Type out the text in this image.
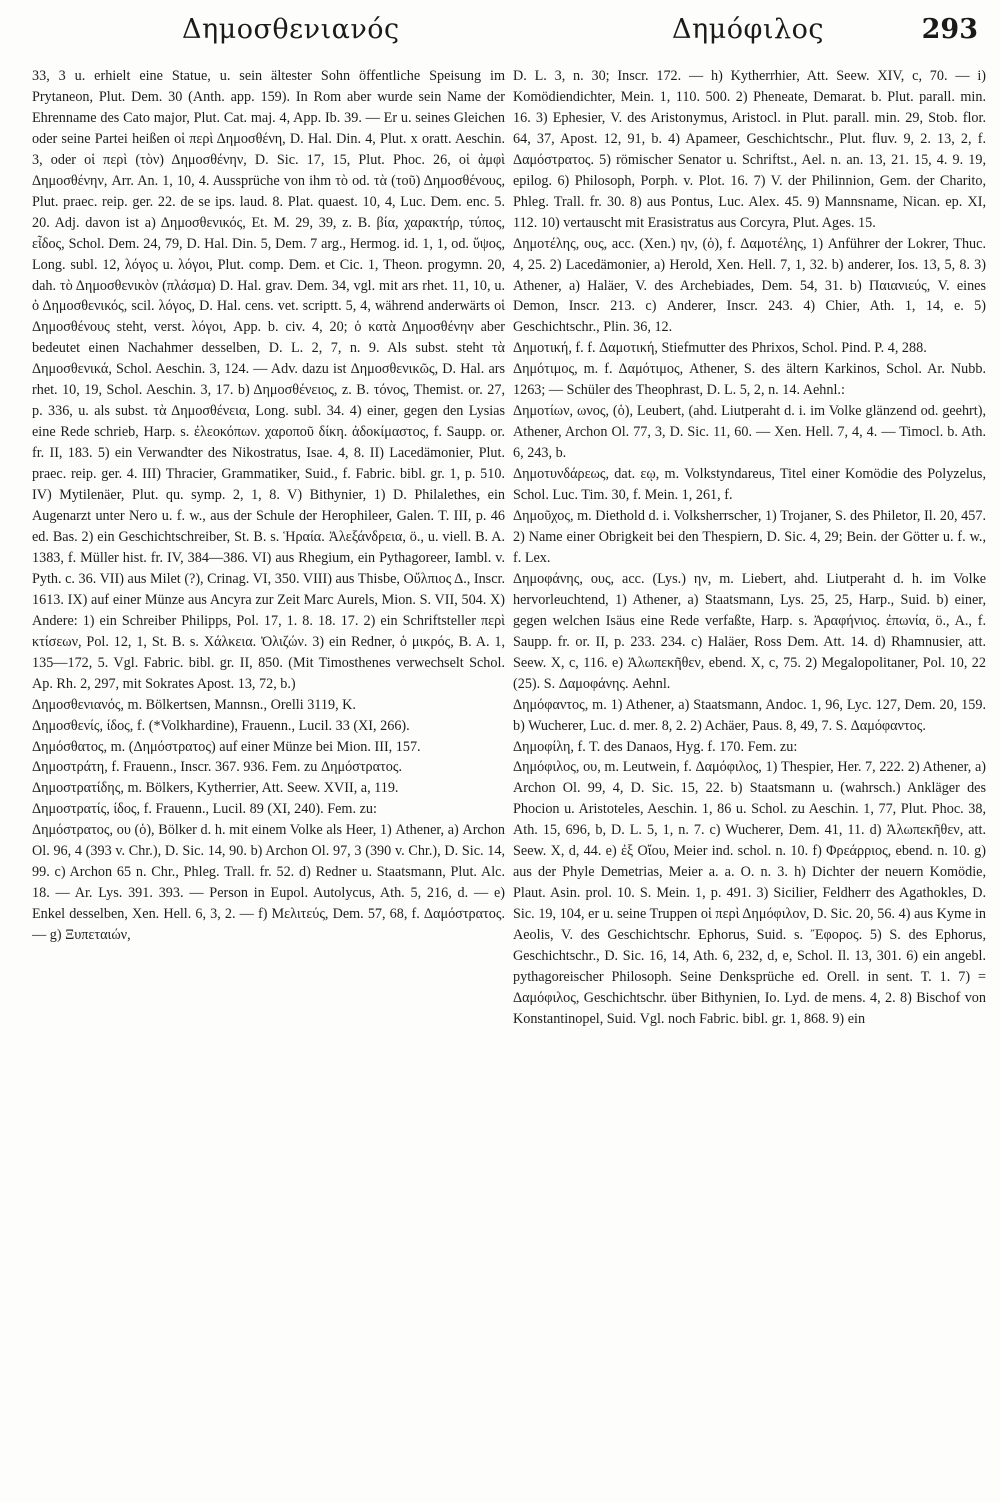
Δημοσθενιανός	Δημόφιλος	293

33, 3 u. erhielt eine Statue, u. sein ältester Sohn öffentliche Speisung im Prytaneon, Plut. Dem. 30 (Anth. app. 159). In Rom aber wurde sein Name der Ehrenname des Cato major, Plut. Cat. maj. 4, App. Ib. 39. — Er u. seines Gleichen oder seine Partei heißen οἱ περὶ Δημοσθένη, D. Hal. Din. 4, Plut. x oratt. Aeschin. 3, oder οἱ περὶ (τὸν) Δημοσθένην, D. Sic. 17, 15, Plut. Phoc. 26, οἱ ἀμφὶ Δημοσθένην, Arr. An. 1, 10, 4. Aussprüche von ihm τὸ od. τὰ (τοῦ) Δημοσθένους, Plut. praec. reip. ger. 22. de se ips. laud. 8. Plat. quaest. 10, 4, Luc. Dem. enc. 5. 20. Adj. davon ist a) Δημοσθενικός, Et. M. 29, 39, z. B. βία, χαρακτήρ, τύπος, εἶδος, Schol. Dem. 24, 79, D. Hal. Din. 5, Dem. 7 arg., Hermog. id. 1, 1, od. ὕψος, Long. subl. 12, λόγος u. λόγοι, Plut. comp. Dem. et Cic. 1, Theon. progymn. 20, dah. τὸ Δημοσθενικὸν (πλάσμα) D. Hal. grav. Dem. 34, vgl. mit ars rhet. 11, 10, u. ὁ Δημοσθενικός, scil. λόγος, D. Hal. cens. vet. scriptt. 5, 4, während anderwärts οἱ Δημοσθένους steht, verst. λόγοι, App. b. civ. 4, 20; ὁ κατὰ Δημοσθένην aber bedeutet einen Nachahmer desselben, D. L. 2, 7, n. 9. Als subst. steht τὰ Δημοσθενικά, Schol. Aeschin. 3, 124. — Adv. dazu ist Δημοσθενικῶς, D. Hal. ars rhet. 10, 19, Schol. Aeschin. 3, 17. b) Δημοσθένειος, z. B. τόνος, Themist. or. 27, p. 336, u. als subst. τὰ Δημοσθένεια, Long. subl. 34. 4) einer, gegen den Lysias eine Rede schrieb, Harp. s. ἐλεοκόπων. χαροποῦ δίκη. ἀδοκίμαστος, f. Saupp. or. fr. II, 183. 5) ein Verwandter des Nikostratus, Isae. 4, 8. II) Lacedämonier, Plut. praec. reip. ger. 4. III) Thracier, Grammatiker, Suid., f. Fabric. bibl. gr. 1, p. 510. IV) Mytilenäer, Plut. qu. symp. 2, 1, 8. V) Bithynier, 1) D. Philalethes, ein Augenarzt unter Nero u. f. w., aus der Schule der Herophileer, Galen. T. III, p. 46 ed. Bas. 2) ein Geschichtschreiber, St. B. s. Ἡραία. Ἀλεξάνδρεια, ö., u. viell. B. A. 1383, f. Müller hist. fr. IV, 384—386. VI) aus Rhegium, ein Pythagoreer, Iambl. v. Pyth. c. 36. VII) aus Milet (?), Crinag. VI, 350. VIII) aus Thisbe, Οὔλπιος Δ., Inscr. 1613. IX) auf einer Münze aus Ancyra zur Zeit Marc Aurels, Mion. S. VII, 504. X) Andere: 1) ein Schreiber Philipps, Pol. 17, 1. 8. 18. 17. 2) ein Schriftsteller περὶ κτίσεων, Pol. 12, 1, St. B. s. Χάλκεια. Ὀλιζών. 3) ein Redner, ὁ μικρός, B. A. 1, 135—172, 5. Vgl. Fabric. bibl. gr. II, 850. (Mit Timosthenes verwechselt Schol. Ap. Rh. 2, 297, mit Sokrates Apost. 13, 72, b.)

Δημοσθενιανός, m. Bölkertsen, Mannsn., Orelli 3119, K.

Δημοσθενίς, ίδος, f. (*Volkhardine), Frauenn., Lucil. 33 (XI, 266).

Δημόσθατος, m. (Δημόστρατος) auf einer Münze bei Mion. III, 157.

Δημοστράτη, f. Frauenn., Inscr. 367. 936. Fem. zu Δημόστρατος.

Δημοστρατίδης, m. Bölkers, Kytherrier, Att. Seew. XVII, a, 119.

Δημοστρατίς, ίδος, f. Frauenn., Lucil. 89 (XI, 240). Fem. zu:

Δημόστρατος, ου (ὁ), Bölker d. h. mit einem Volke als Heer, 1) Athener, a) Archon Ol. 96, 4 (393 v. Chr.), D. Sic. 14, 90. b) Archon Ol. 97, 3 (390 v. Chr.), D. Sic. 14, 99. c) Archon 65 n. Chr., Phleg. Trall. fr. 52. d) Redner u. Staatsmann, Plut. Alc. 18. — Ar. Lys. 391. 393. — Person in Eupol. Autolycus, Ath. 5, 216, d. — e) Enkel desselben, Xen. Hell. 6, 3, 2. — f) Μελιτεύς, Dem. 57, 68, f. Δαμόστρατος. — g) Ξυπεταιών,

D. L. 3, n. 30; Inscr. 172. — h) Kytherrhier, Att. Seew. XIV, c, 70. — i) Komödiendichter, Mein. 1, 110. 500. 2) Pheneate, Demarat. b. Plut. parall. min. 16. 3) Ephesier, V. des Aristonymus, Aristocl. in Plut. parall. min. 29, Stob. flor. 64, 37, Apost. 12, 91, b. 4) Apameer, Geschichtschr., Plut. fluv. 9, 2. 13, 2, f. Δαμόστρατος. 5) römischer Senator u. Schriftst., Ael. n. an. 13, 21. 15, 4. 9. 19, epilog. 6) Philosoph, Porph. v. Plot. 16. 7) V. der Philinnion, Gem. der Charito, Phleg. Trall. fr. 30. 8) aus Pontus, Luc. Alex. 45. 9) Mannsname, Nican. ep. XI, 112. 10) vertauscht mit Erasistratus aus Corcyra, Plut. Ages. 15.

Δημοτέλης, ους, acc. (Xen.) ην, (ὁ), f. Δαμοτέλης, 1) Anführer der Lokrer, Thuc. 4, 25. 2) Lacedämonier, a) Herold, Xen. Hell. 7, 1, 32. b) anderer, Ios. 13, 5, 8. 3) Athener, a) Haläer, V. des Archebiades, Dem. 54, 31. b) Παιανιεύς, V. eines Demon, Inscr. 213. c) Anderer, Inscr. 243. 4) Chier, Ath. 1, 14, e. 5) Geschichtschr., Plin. 36, 12.

Δημοτική, f. f. Δαμοτική, Stiefmutter des Phrixos, Schol. Pind. P. 4, 288.

Δημότιμος, m. f. Δαμότιμος, Athener, S. des ältern Karkinos, Schol. Ar. Nubb. 1263; — Schüler des Theophrast, D. L. 5, 2, n. 14. Aehnl.:

Δημοτίων, ωνος, (ὁ), Leubert, (ahd. Liutperaht d. i. im Volke glänzend od. geehrt), Athener, Archon Ol. 77, 3, D. Sic. 11, 60. — Xen. Hell. 7, 4, 4. — Timocl. b. Ath. 6, 243, b.

Δημοτυνδάρεως, dat. εῳ, m. Volkstyndareus, Titel einer Komödie des Polyzelus, Schol. Luc. Tim. 30, f. Mein. 1, 261, f.

Δημοῦχος, m. Diethold d. i. Volksherrscher, 1) Trojaner, S. des Philetor, Il. 20, 457. 2) Name einer Obrigkeit bei den Thespiern, D. Sic. 4, 29; Bein. der Götter u. f. w., f. Lex.

Δημοφάνης, ους, acc. (Lys.) ην, m. Liebert, ahd. Liutperaht d. h. im Volke hervorleuchtend, 1) Athener, a) Staatsmann, Lys. 25, 25, Harp., Suid. b) einer, gegen welchen Isäus eine Rede verfaßte, Harp. s. Ἀραφήνιος. ἐπωνία, ö., A., f. Saupp. fr. or. II, p. 233. 234. c) Haläer, Ross Dem. Att. 14. d) Rhamnusier, att. Seew. X, c, 116. e) Ἀλωπεκῆθεν, ebend. X, c, 75. 2) Megalopolitaner, Pol. 10, 22 (25). S. Δαμοφάνης. Aehnl.

Δημόφαντος, m. 1) Athener, a) Staatsmann, Andoc. 1, 96, Lyc. 127, Dem. 20, 159. b) Wucherer, Luc. d. mer. 8, 2. 2) Achäer, Paus. 8, 49, 7. S. Δαμόφαντος.

Δημοφίλη, f. T. des Danaos, Hyg. f. 170. Fem. zu:

Δημόφιλος, ου, m. Leutwein, f. Δαμόφιλος, 1) Thespier, Her. 7, 222. 2) Athener, a) Archon Ol. 99, 4, D. Sic. 15, 22. b) Staatsmann u. (wahrsch.) Ankläger des Phocion u. Aristoteles, Aeschin. 1, 86 u. Schol. zu Aeschin. 1, 77, Plut. Phoc. 38, Ath. 15, 696, b, D. L. 5, 1, n. 7. c) Wucherer, Dem. 41, 11. d) Ἀλωπεκῆθεν, att. Seew. X, d, 44. e) ἐξ Οἴου, Meier ind. schol. n. 10. f) Φρεάρριος, ebend. n. 10. g) aus der Phyle Demetrias, Meier a. a. O. n. 3. h) Dichter der neuern Komödie, Plaut. Asin. prol. 10. S. Mein. 1, p. 491. 3) Sicilier, Feldherr des Agathokles, D. Sic. 19, 104, er u. seine Truppen οἱ περὶ Δημόφιλον, D. Sic. 20, 56. 4) aus Kyme in Aeolis, V. des Geschichtschr. Ephorus, Suid. s. Ἔφορος. 5) S. des Ephorus, Geschichtschr., D. Sic. 16, 14, Ath. 6, 232, d, e, Schol. Il. 13, 301. 6) ein angebl. pythagoreischer Philosoph. Seine Denksprüche ed. Orell. in sent. T. 1. 7) = Δαμόφιλος, Geschichtschr. über Bithynien, Io. Lyd. de mens. 4, 2. 8) Bischof von Konstantinopel, Suid. Vgl. noch Fabric. bibl. gr. 1, 868. 9) ein
